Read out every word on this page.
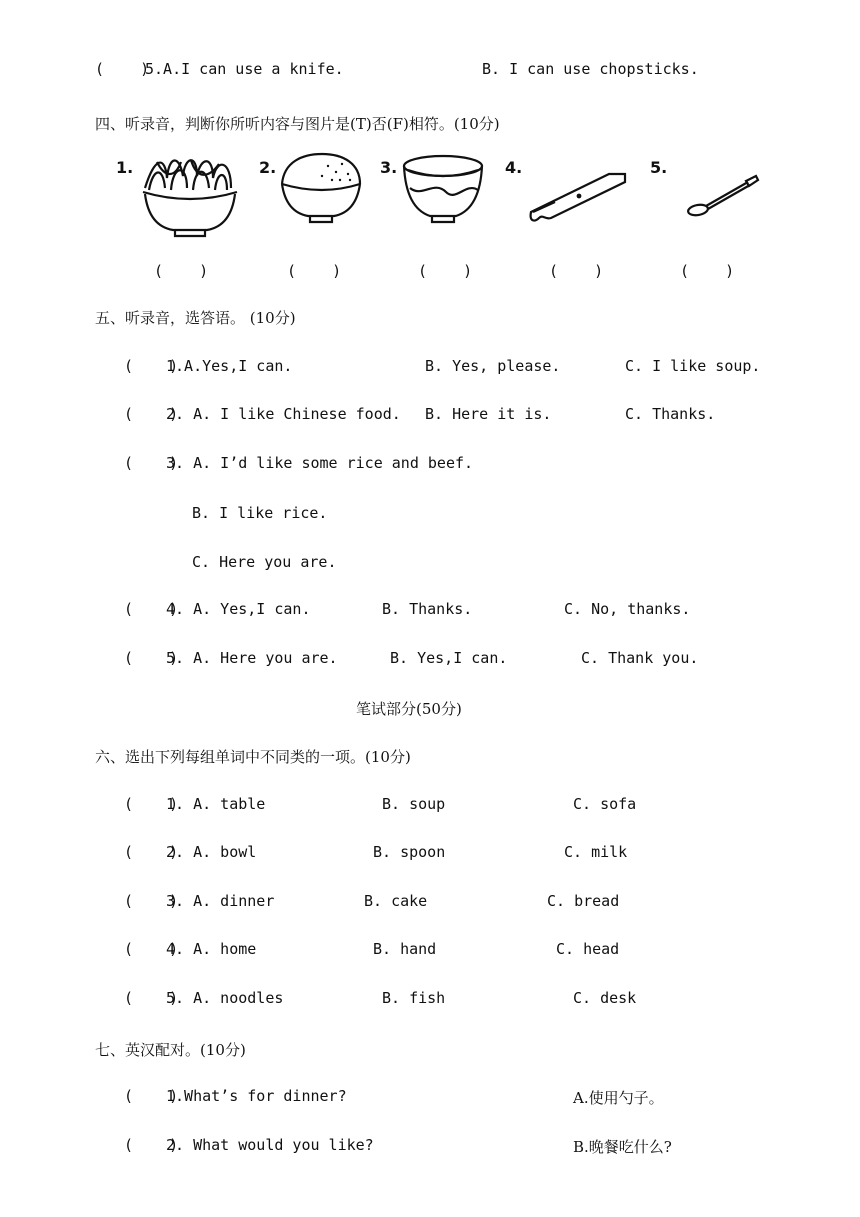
(    )
5.A.I can use a knife.	B. I can use chopsticks.
四、听录音，判断你所听内容与图片是(T)否(F)相符。(10分)
1.
(    )
2.
(    )
3.
(    )
4.
(    )
5.
(    )
五、听录音，选答语。 (10分)
(    )
1.A.Yes,I can.	B. Yes, please.	C. I like soup.
(    )
2. A. I like Chinese food. B. Here it is.	C. Thanks.
(    )
3. A. I’d like some rice and beef.
B. I like rice.
C. Here you are.
(    )
4. A. Yes,I can.	B. Thanks.	C. No, thanks.
(    )
5. A. Here you are.	B. Yes,I can.	C. Thank you.
笔试部分(50分)
六、选出下列每组单词中不同类的一项。(10分)
(    )
1. A. table	B. soup	C. sofa
(    )
2. A. bowl	B. spoon	C. milk
(    )
3. A. dinner	B. cake	C. bread
(    )
4. A. home	B. hand	C. head
(    )
5. A. noodles	B. fish	C. desk
七、英汉配对。(10分)
(    )
1.What’s for dinner?	A.使用勺子。
(    )
2. What would you like?	B.晚餐吃什么?
